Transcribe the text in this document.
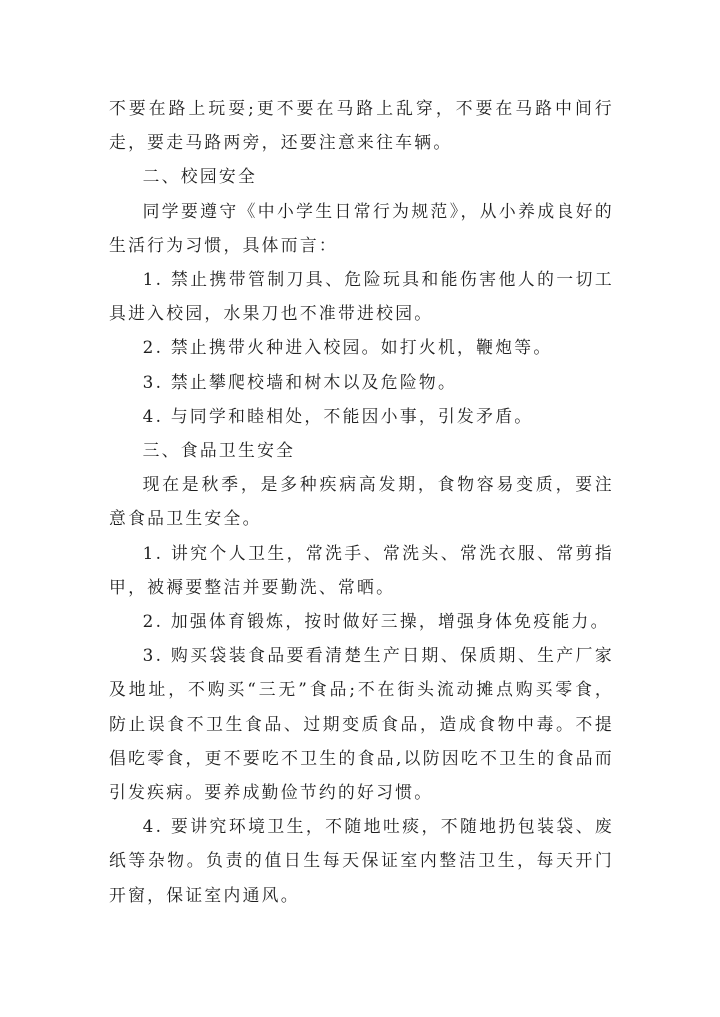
不要在路上玩耍;更不要在马路上乱穿，不要在马路中间行走，要走马路两旁，还要注意来往车辆。

二、校园安全

同学要遵守《中小学生日常行为规范》，从小养成良好的生活行为习惯，具体而言：

1. 禁止携带管制刀具、危险玩具和能伤害他人的一切工具进入校园，水果刀也不准带进校园。

2. 禁止携带火种进入校园。如打火机，鞭炮等。

3. 禁止攀爬校墙和树木以及危险物。

4. 与同学和睦相处，不能因小事，引发矛盾。

三、食品卫生安全

现在是秋季，是多种疾病高发期，食物容易变质，要注意食品卫生安全。

1. 讲究个人卫生，常洗手、常洗头、常洗衣服、常剪指甲，被褥要整洁并要勤洗、常晒。

2. 加强体育锻炼，按时做好三操，增强身体免疫能力。

3. 购买袋装食品要看清楚生产日期、保质期、生产厂家及地址，不购买“三无”食品;不在街头流动摊点购买零食，防止误食不卫生食品、过期变质食品，造成食物中毒。不提倡吃零食，更不要吃不卫生的食品,以防因吃不卫生的食品而引发疾病。要养成勤俭节约的好习惯。

4. 要讲究环境卫生，不随地吐痰，不随地扔包装袋、废纸等杂物。负责的值日生每天保证室内整洁卫生，每天开门开窗，保证室内通风。
